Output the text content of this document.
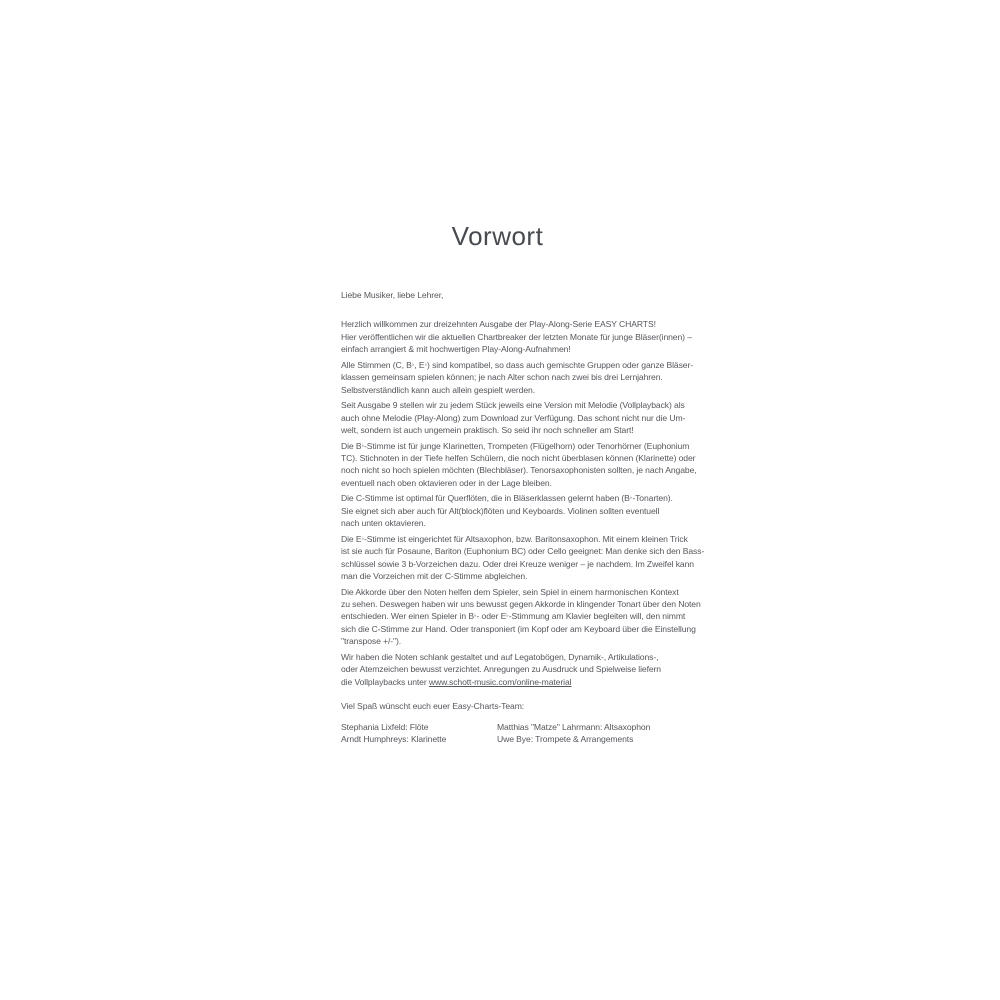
Vorwort

Liebe Musiker, liebe Lehrer,

Herzlich willkommen zur dreizehnten Ausgabe der Play-Along-Serie EASY CHARTS!
Hier veröffentlichen wir die aktuellen Chartbreaker der letzten Monate für junge Bläser(innen) –
einfach arrangiert & mit hochwertigen Play-Along-Aufnahmen!

Alle Stimmen (C, B♭, E♭) sind kompatibel, so dass auch gemischte Gruppen oder ganze Bläser-
klassen gemeinsam spielen können; je nach Alter schon nach zwei bis drei Lernjahren.
Selbstverständlich kann auch allein gespielt werden.

Seit Ausgabe 9 stellen wir zu jedem Stück jeweils eine Version mit Melodie (Vollplayback) als
auch ohne Melodie (Play-Along) zum Download zur Verfügung. Das schont nicht nur die Um-
welt, sondern ist auch ungemein praktisch. So seid ihr noch schneller am Start!

Die B♭-Stimme ist für junge Klarinetten, Trompeten (Flügelhorn) oder Tenorhörner (Euphonium
TC). Stichnoten in der Tiefe helfen Schülern, die noch nicht überblasen können (Klarinette) oder
noch nicht so hoch spielen möchten (Blechbläser). Tenorsaxophonisten sollten, je nach Angabe,
eventuell nach oben oktavieren oder in der Lage bleiben.

Die C-Stimme ist optimal für Querflöten, die in Bläserklassen gelernt haben (B♭-Tonarten).
Sie eignet sich aber auch für Alt(block)flöten und Keyboards. Violinen sollten eventuell
nach unten oktavieren.

Die E♭-Stimme ist eingerichtet für Altsaxophon, bzw. Baritonsaxophon. Mit einem kleinen Trick
ist sie auch für Posaune, Bariton (Euphonium BC) oder Cello geeignet: Man denke sich den Bass-
schlüssel sowie 3 b-Vorzeichen dazu. Oder drei Kreuze weniger – je nachdem. Im Zweifel kann
man die Vorzeichen mit der C-Stimme abgleichen.

Die Akkorde über den Noten helfen dem Spieler, sein Spiel in einem harmonischen Kontext
zu sehen. Deswegen haben wir uns bewusst gegen Akkorde in klingender Tonart über den Noten
entschieden. Wer einen Spieler in B♭- oder E♭-Stimmung am Klavier begleiten will, den nimmt
sich die C-Stimme zur Hand. Oder transponiert (im Kopf oder am Keyboard über die Einstellung
"transpose +/-").

Wir haben die Noten schlank gestaltet und auf Legatobögen, Dynamik-, Artikulations-,
oder Atemzeichen bewusst verzichtet. Anregungen zu Ausdruck und Spielweise liefern
die Vollplaybacks unter www.schott-music.com/online-material

Viel Spaß wünscht euch euer Easy-Charts-Team:

Stephania Lixfeld: Flöte
Arndt Humphreys: Klarinette

Matthias "Matze" Lahrmann: Altsaxophon
Uwe Bye: Trompete & Arrangements
